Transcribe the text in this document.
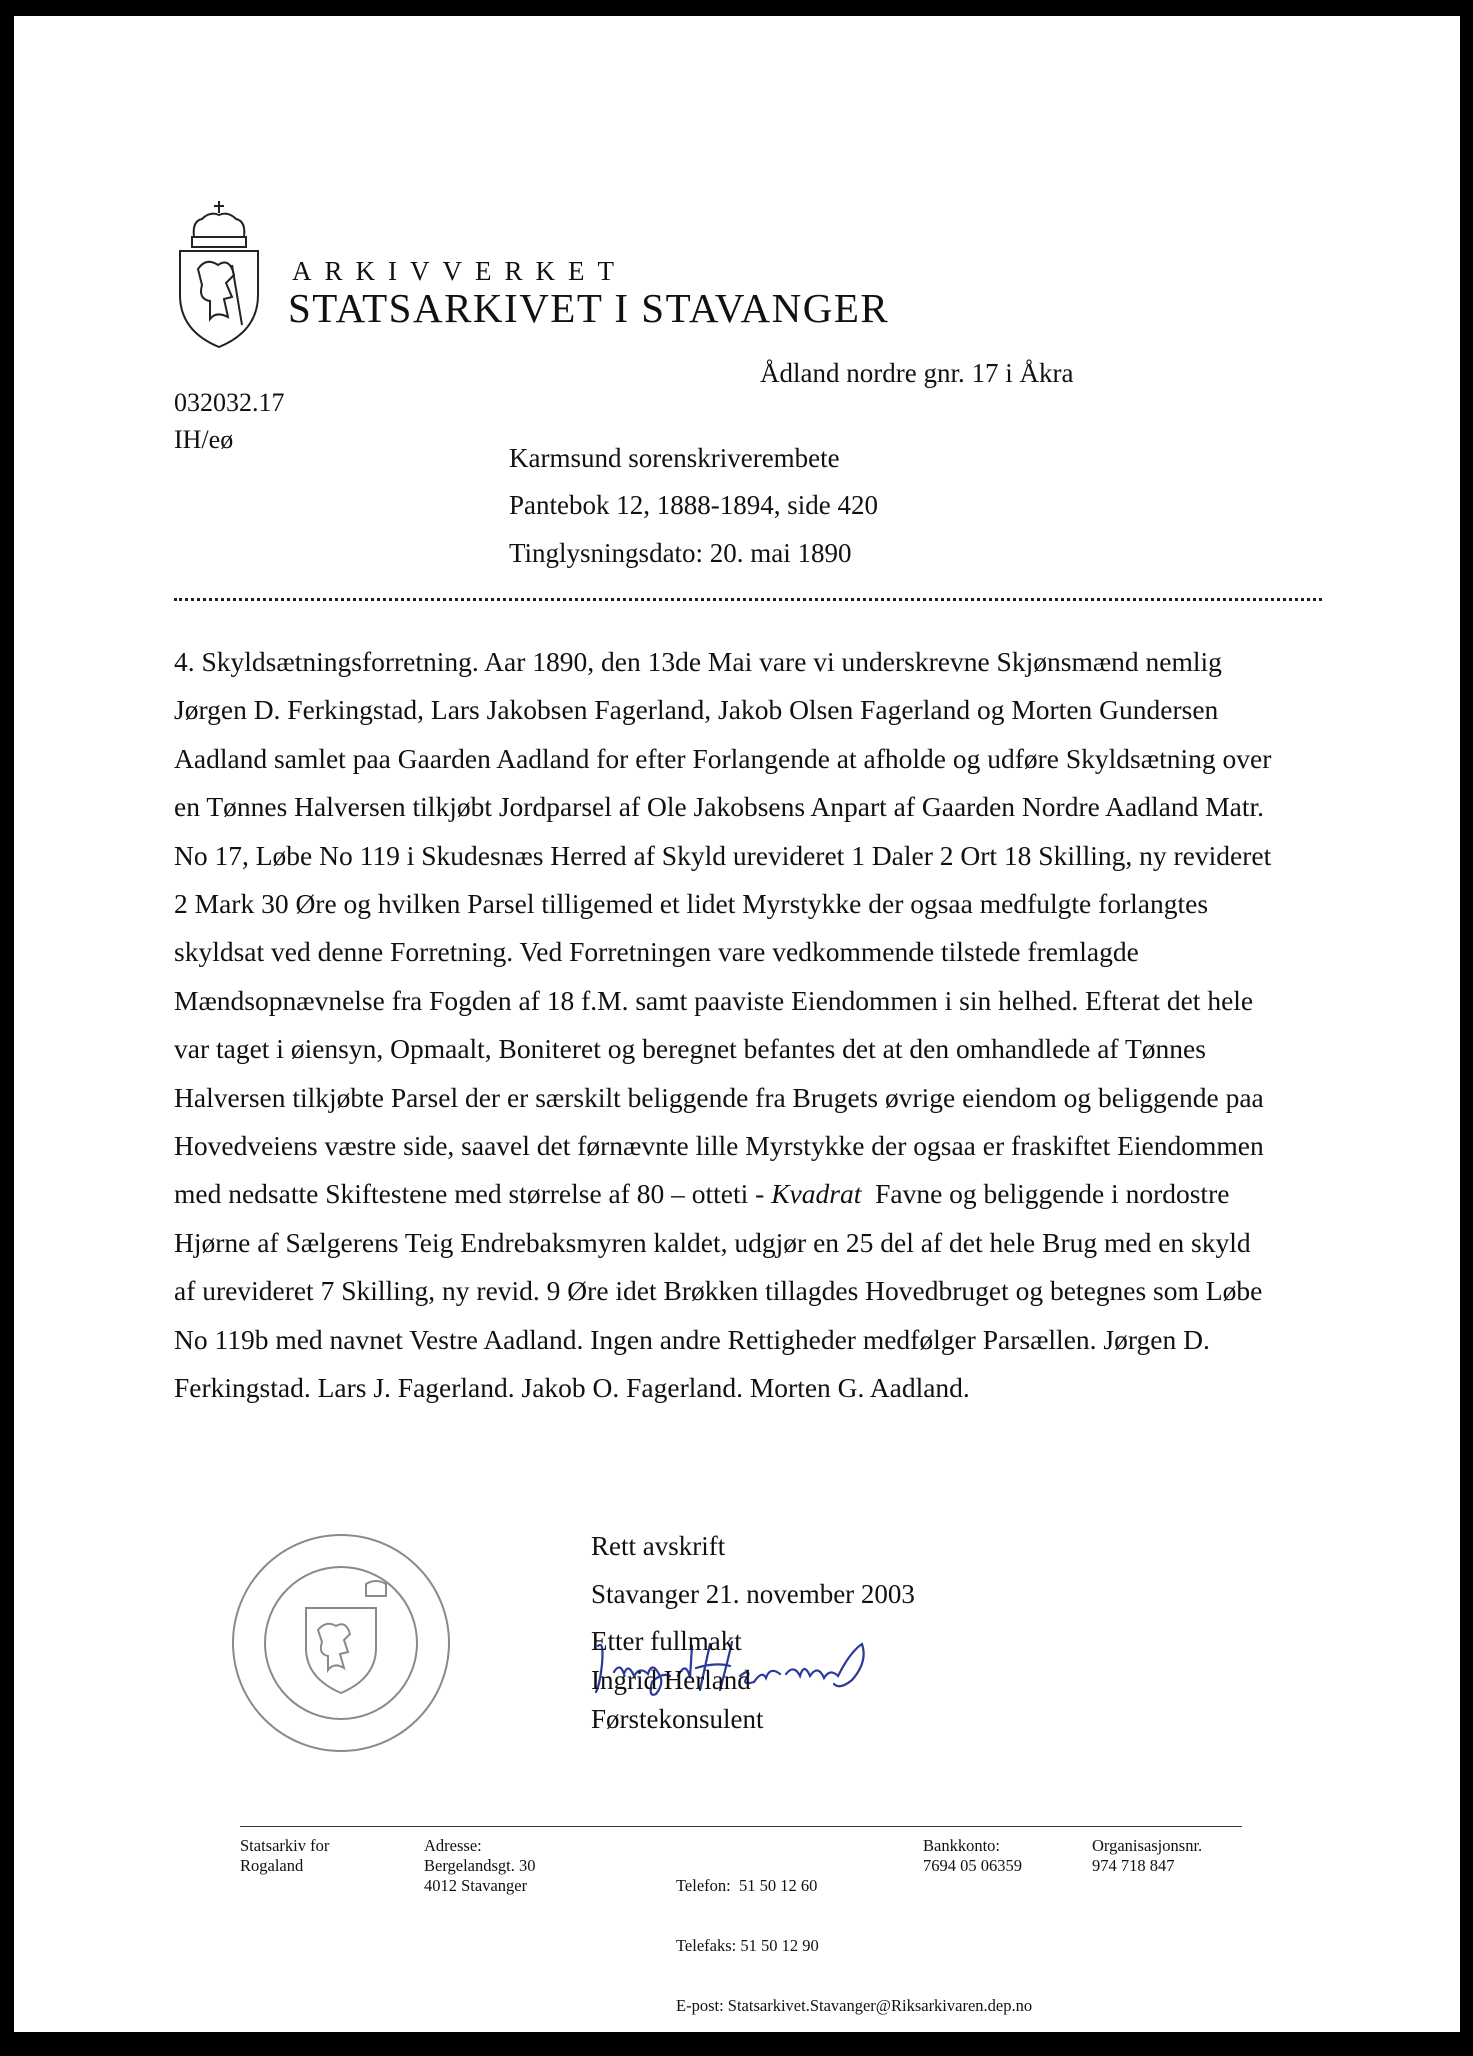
ARKIVVERKET
STATSARKIVET I STAVANGER
Ådland nordre gnr. 17 i Åkra
032032.17
IH/eø
Karmsund sorenskriverembete
Pantebok 12, 1888-1894, side 420
Tinglysningsdato: 20. mai 1890
4. Skyldsætningsforretning. Aar 1890, den 13de Mai vare vi underskrevne Skjønsmænd nemlig
Jørgen D. Ferkingstad, Lars Jakobsen Fagerland, Jakob Olsen Fagerland og Morten Gundersen
Aadland samlet paa Gaarden Aadland for efter Forlangende at afholde og udføre Skyldsætning over
en Tønnes Halversen tilkjøbt Jordparsel af Ole Jakobsens Anpart af Gaarden Nordre Aadland Matr.
No 17, Løbe No 119 i Skudesnæs Herred af Skyld urevideret 1 Daler 2 Ort 18 Skilling, ny revideret
2 Mark 30 Øre og hvilken Parsel tilligemed et lidet Myrstykke der ogsaa medfulgte forlangtes
skyldsat ved denne Forretning. Ved Forretningen vare vedkommende tilstede fremlagde
Mændsopnævnelse fra Fogden af 18 f.M. samt paaviste Eiendommen i sin helhed. Efterat det hele
var taget i øiensyn, Opmaalt, Boniteret og beregnet befantes det at den omhandlede af Tønnes
Halversen tilkjøbte Parsel der er særskilt beliggende fra Brugets øvrige eiendom og beliggende paa
Hovedveiens væstre side, saavel det førnævnte lille Myrstykke der ogsaa er fraskiftet Eiendommen
med nedsatte Skiftestene med størrelse af 80 – otteti - Kvadrat  Favne og beliggende i nordostre
Hjørne af Sælgerens Teig Endrebaksmyren kaldet, udgjør en 25 del af det hele Brug med en skyld
af urevideret 7 Skilling, ny revid. 9 Øre idet Brøkken tillagdes Hovedbruget og betegnes som Løbe
No 119b med navnet Vestre Aadland. Ingen andre Rettigheder medfølger Parsællen. Jørgen D.
Ferkingstad. Lars J. Fagerland. Jakob O. Fagerland. Morten G. Aadland.
Rett avskrift
Stavanger 21. november 2003
Etter fullmakt
Ingrid Herland
Førstekonsulent
Statsarkiv for
Rogaland
Adresse:
Bergelandsgt. 30
4012 Stavanger

	Telefon:  51 50 12 60

Telefaks: 51 50 12 90

E-post: Statsarkivet.Stavanger@Riksarkivaren.dep.no

Bankkonto:
7694 05 06359
Organisasjonsnr.
974 718 847
